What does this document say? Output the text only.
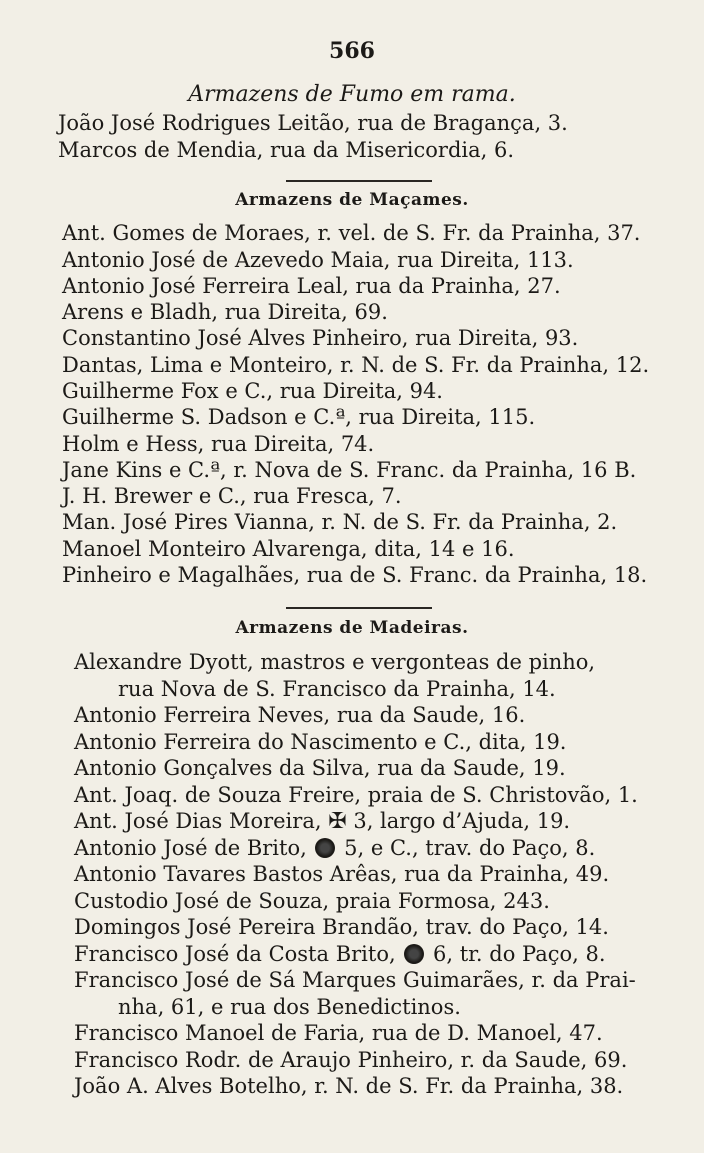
566
Armazens de Fumo em rama.
João José Rodrigues Leitão, rua de Bragança, 3.
Marcos de Mendia, rua da Misericordia, 6.
Armazens de Maçames.
Ant. Gomes de Moraes, r. vel. de S. Fr. da Prainha, 37.
Antonio José de Azevedo Maia, rua Direita, 113.
Antonio José Ferreira Leal, rua da Prainha, 27.
Arens e Bladh, rua Direita, 69.
Constantino José Alves Pinheiro, rua Direita, 93.
Dantas, Lima e Monteiro, r. N. de S. Fr. da Prainha, 12.
Guilherme Fox e C., rua Direita, 94.
Guilherme S. Dadson e C.ª, rua Direita, 115.
Holm e Hess, rua Direita, 74.
Jane Kins e C.ª, r. Nova de S. Franc. da Prainha, 16 B.
J. H. Brewer e C., rua Fresca, 7.
Man. José Pires Vianna, r. N. de S. Fr. da Prainha, 2.
Manoel Monteiro Alvarenga, dita, 14 e 16.
Pinheiro e Magalhães, rua de S. Franc. da Prainha, 18.
Armazens de Madeiras.
Alexandre Dyott, mastros e vergonteas de pinho,
rua Nova de S. Francisco da Prainha, 14.
Antonio Ferreira Neves, rua da Saude, 16.
Antonio Ferreira do Nascimento e C., dita, 19.
Antonio Gonçalves da Silva, rua da Saude, 19.
Ant. Joaq. de Souza Freire, praia de S. Christovão, 1.
Ant. José Dias Moreira, ✠ 3, largo d’Ajuda, 19.
Antonio José de Brito, 5, e C., trav. do Paço, 8.
Antonio Tavares Bastos Arêas, rua da Prainha, 49.
Custodio José de Souza, praia Formosa, 243.
Domingos José Pereira Brandão, trav. do Paço, 14.
Francisco José da Costa Brito, 6, tr. do Paço, 8.
Francisco José de Sá Marques Guimarães, r. da Prai-
nha, 61, e rua dos Benedictinos.
Francisco Manoel de Faria, rua de D. Manoel, 47.
Francisco Rodr. de Araujo Pinheiro, r. da Saude, 69.
João A. Alves Botelho, r. N. de S. Fr. da Prainha, 38.
